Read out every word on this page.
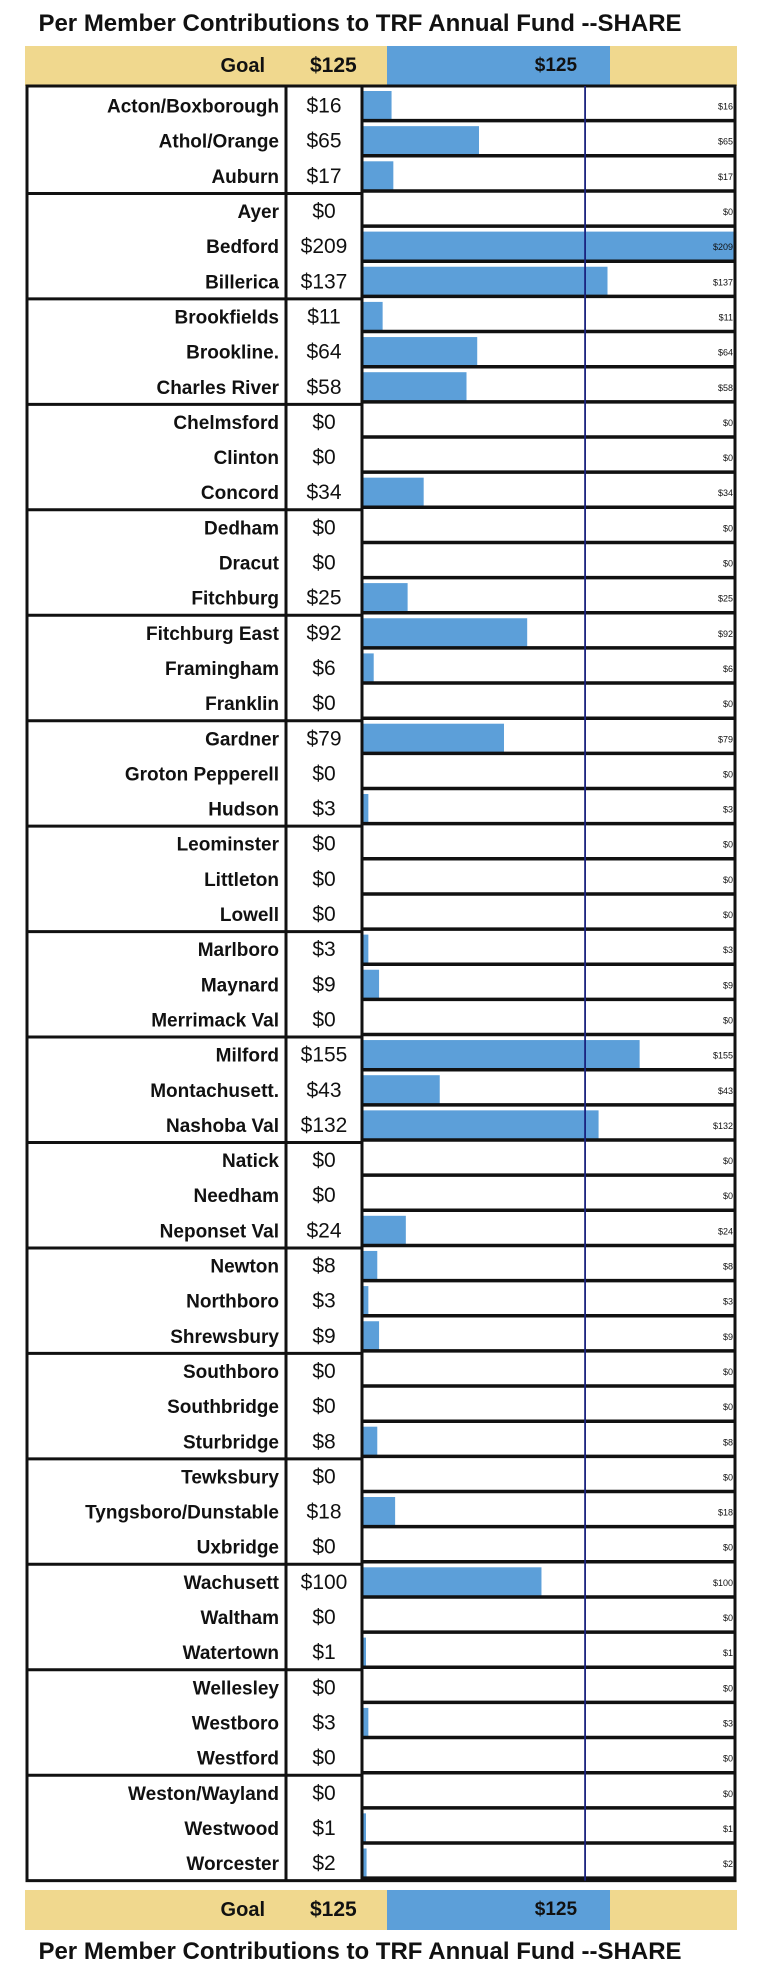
Per Member Contributions to TRF Annual Fund --SHARE
Goal $125	$125
Acton/Boxborough $16	$16
Athol/Orange $65	$65
Auburn $17	$17
Ayer $0	$0
Bedford $209	$209
Billerica $137	$137
Brookfields $11	$11
Brookline. $64	$64
Charles River $58	$58
Chelmsford $0	$0
Clinton $0	$0
Concord $34	$34
Dedham $0	$0
Dracut $0	$0
Fitchburg $25	$25
Fitchburg East $92	$92
Framingham $6	$6
Franklin $0	$0
Gardner $79	$79
Groton Pepperell $0	$0
Hudson $3	$3
Leominster $0	$0
Littleton $0	$0
Lowell $0	$0
Marlboro $3	$3
Maynard $9	$9
Merrimack Val $0	$0
Milford $155	$155
Montachusett. $43	$43
Nashoba Val $132	$132
Natick $0	$0
Needham $0	$0
Neponset Val $24	$24
Newton $8	$8
Northboro $3	$3
Shrewsbury $9	$9
Southboro $0	$0
Southbridge $0	$0
Sturbridge $8	$8
Tewksbury $0	$0
Tyngsboro/Dunstable $18	$18
Uxbridge $0	$0
Wachusett $100	$100
Waltham $0	$0
Watertown $1	$1
Wellesley $0	$0
Westboro $3	$3
Westford $0	$0
Weston/Wayland $0	$0
Westwood $1	$1
Worcester $2	$2
Goal $125	$125
Per Member Contributions to TRF Annual Fund --SHARE
